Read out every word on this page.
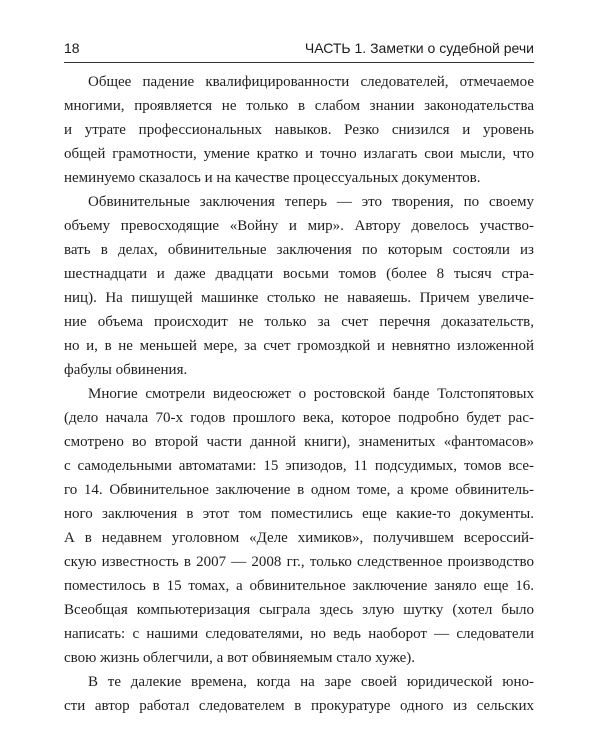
18	ЧАСТЬ 1. Заметки о судебной речи
Общее падение квалифицированности следователей, отмечаемое
многими, проявляется не только в слабом знании законодательства
и утрате профессиональных навыков. Резко снизился и уровень
общей грамотности, умение кратко и точно излагать свои мысли, что
неминуемо сказалось и на качестве процессуальных документов.
Обвинительные заключения теперь — это творения, по своему
объему превосходящие «Войну и мир». Автору довелось участво-
вать в делах, обвинительные заключения по которым состояли из
шестнадцати и даже двадцати восьми томов (более 8 тысяч стра-
ниц). На пишущей машинке столько не наваяешь. Причем увеличе-
ние объема происходит не только за счет перечня доказательств,
но и, в не меньшей мере, за счет громоздкой и невнятно изложенной
фабулы обвинения.
Многие смотрели видеосюжет о ростовской банде Толстопятовых
(дело начала 70-х годов прошлого века, которое подробно будет рас-
смотрено во второй части данной книги), знаменитых «фантомасов»
с самодельными автоматами: 15 эпизодов, 11 подсудимых, томов все-
го 14. Обвинительное заключение в одном томе, а кроме обвинитель-
ного заключения в этот том поместились еще какие-то документы.
А в недавнем уголовном «Деле химиков», получившем всероссий-
скую известность в 2007 — 2008 гг., только следственное производство
поместилось в 15 томах, а обвинительное заключение заняло еще 16.
Всеобщая компьютеризация сыграла здесь злую шутку (хотел было
написать: с нашими следователями, но ведь наоборот — следователи
свою жизнь облегчили, а вот обвиняемым стало хуже).
В те далекие времена, когда на заре своей юридической юно-
сти автор работал следователем в прокуратуре одного из сельских
